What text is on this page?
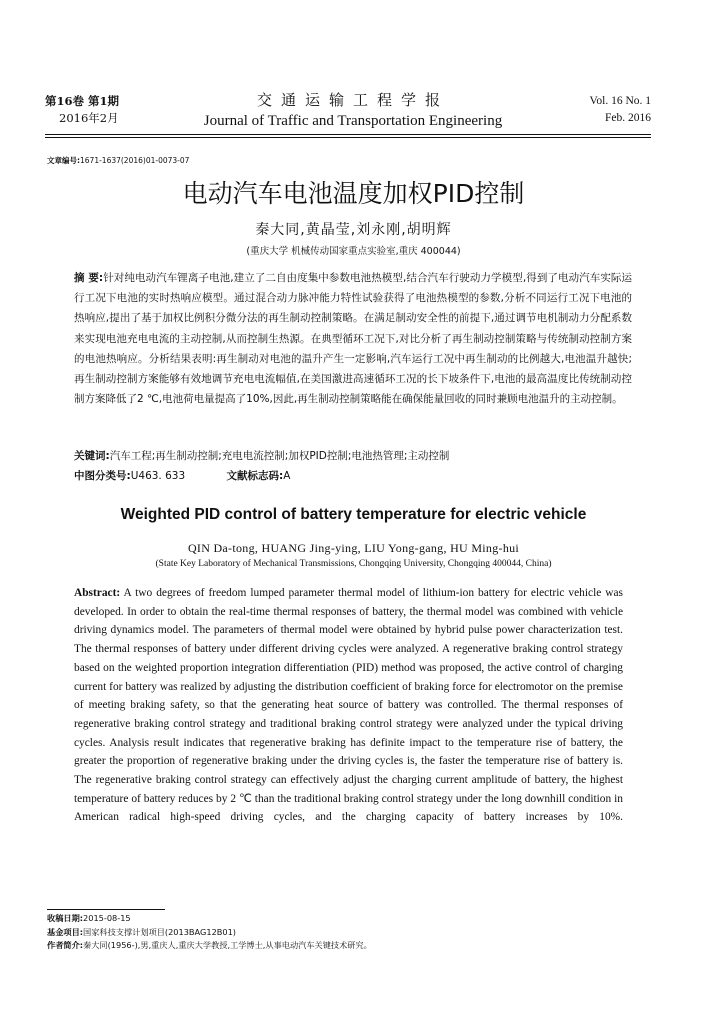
第16卷 第1期
2016年2月
交通运输工程学报
Journal of Traffic and Transportation Engineering
Vol. 16 No. 1
Feb. 2016
文章编号:1671-1637(2016)01-0073-07
电动汽车电池温度加权PID控制
秦大同,黄晶莹,刘永刚,胡明辉
(重庆大学 机械传动国家重点实验室,重庆 400044)
摘 要:针对纯电动汽车锂离子电池,建立了二自由度集中参数电池热模型,结合汽车行驶动力学模型,得到了电动汽车实际运行工况下电池的实时热响应模型。通过混合动力脉冲能力特性试验获得了电池热模型的参数,分析不同运行工况下电池的热响应,提出了基于加权比例积分微分法的再生制动控制策略。在满足制动安全性的前提下,通过调节电机制动力分配系数来实现电池充电电流的主动控制,从而控制生热源。在典型循环工况下,对比分析了再生制动控制策略与传统制动控制方案的电池热响应。分析结果表明:再生制动对电池的温升产生一定影响,汽车运行工况中再生制动的比例越大,电池温升越快;再生制动控制方案能够有效地调节充电电流幅值,在美国激进高速循环工况的长下坡条件下,电池的最高温度比传统制动控制方案降低了2 ℃,电池荷电量提高了10%,因此,再生制动控制策略能在确保能量回收的同时兼顾电池温升的主动控制。
关键词:汽车工程;再生制动控制;充电电流控制;加权PID控制;电池热管理;主动控制
中图分类号:U463. 633	文献标志码:A
Weighted PID control of battery temperature for electric vehicle
QIN Da-tong, HUANG Jing-ying, LIU Yong-gang, HU Ming-hui
(State Key Laboratory of Mechanical Transmissions, Chongqing University, Chongqing 400044, China)
Abstract: A two degrees of freedom lumped parameter thermal model of lithium-ion battery for electric vehicle was developed. In order to obtain the real-time thermal responses of battery, the thermal model was combined with vehicle driving dynamics model. The parameters of thermal model were obtained by hybrid pulse power characterization test. The thermal responses of battery under different driving cycles were analyzed. A regenerative braking control strategy based on the weighted proportion integration differentiation (PID) method was proposed, the active control of charging current for battery was realized by adjusting the distribution coefficient of braking force for electromotor on the premise of meeting braking safety, so that the generating heat source of battery was controlled. The thermal responses of regenerative braking control strategy and traditional braking control strategy were analyzed under the typical driving cycles. Analysis result indicates that regenerative braking has definite impact to the temperature rise of battery, the greater the proportion of regenerative braking under the driving cycles is, the faster the temperature rise of battery is. The regenerative braking control strategy can effectively adjust the charging current amplitude of battery, the highest temperature of battery reduces by 2 ℃ than the traditional braking control strategy under the long downhill condition in American radical high-speed driving cycles, and the charging capacity of battery increases by 10%.
收稿日期:2015-08-15
基金项目:国家科技支撑计划项目(2013BAG12B01)
作者简介:秦大同(1956-),男,重庆人,重庆大学教授,工学博士,从事电动汽车关键技术研究。
